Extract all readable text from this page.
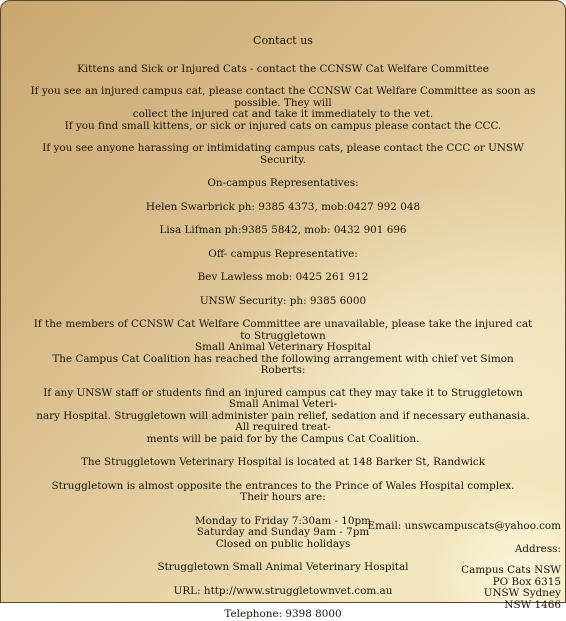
Contact us

Kittens and Sick or Injured Cats - contact the CCNSW Cat Welfare Committee

If you see an injured campus cat, please contact the CCNSW Cat Welfare Committee as soon as possible. They will

collect the injured cat and take it immediately to the vet.

If you find small kittens, or sick or injured cats on campus please contact the CCC.

If you see anyone harassing or intimidating campus cats, please contact the CCC or UNSW Security.

On-campus Representatives:

Helen Swarbrick ph: 9385 4373, mob:0427 992 048

Lisa Lifman ph:9385 5842, mob: 0432 901 696

Off- campus Representative:

Bev Lawless mob: 0425 261 912

UNSW Security: ph: 9385 6000

If the members of CCNSW Cat Welfare Committee are unavailable, please take the injured cat to Struggletown

Small Animal Veterinary Hospital

The Campus Cat Coalition has reached the following arrangement with chief vet Simon Roberts:

If any UNSW staff or students find an injured campus cat they may take it to Struggletown Small Animal Veteri-

nary Hospital. Struggletown will administer pain relief, sedation and if necessary euthanasia. All required treat-

ments will be paid for by the Campus Cat Coalition.

The Struggletown Veterinary Hospital is located at 148 Barker St, Randwick

Struggletown is almost opposite the entrances to the Prince of Wales Hospital complex.

Their hours are:

Monday to Friday 7:30am - 10pm

Saturday and Sunday 9am - 7pm

Closed on public holidays

Struggletown Small Animal Veterinary Hospital

URL: http://www.struggletownvet.com.au

Telephone: 9398 8000

Email: unswcampuscats@yahoo.com
Address:
Campus Cats NSW
PO Box 6315
UNSW Sydney
NSW 1466
